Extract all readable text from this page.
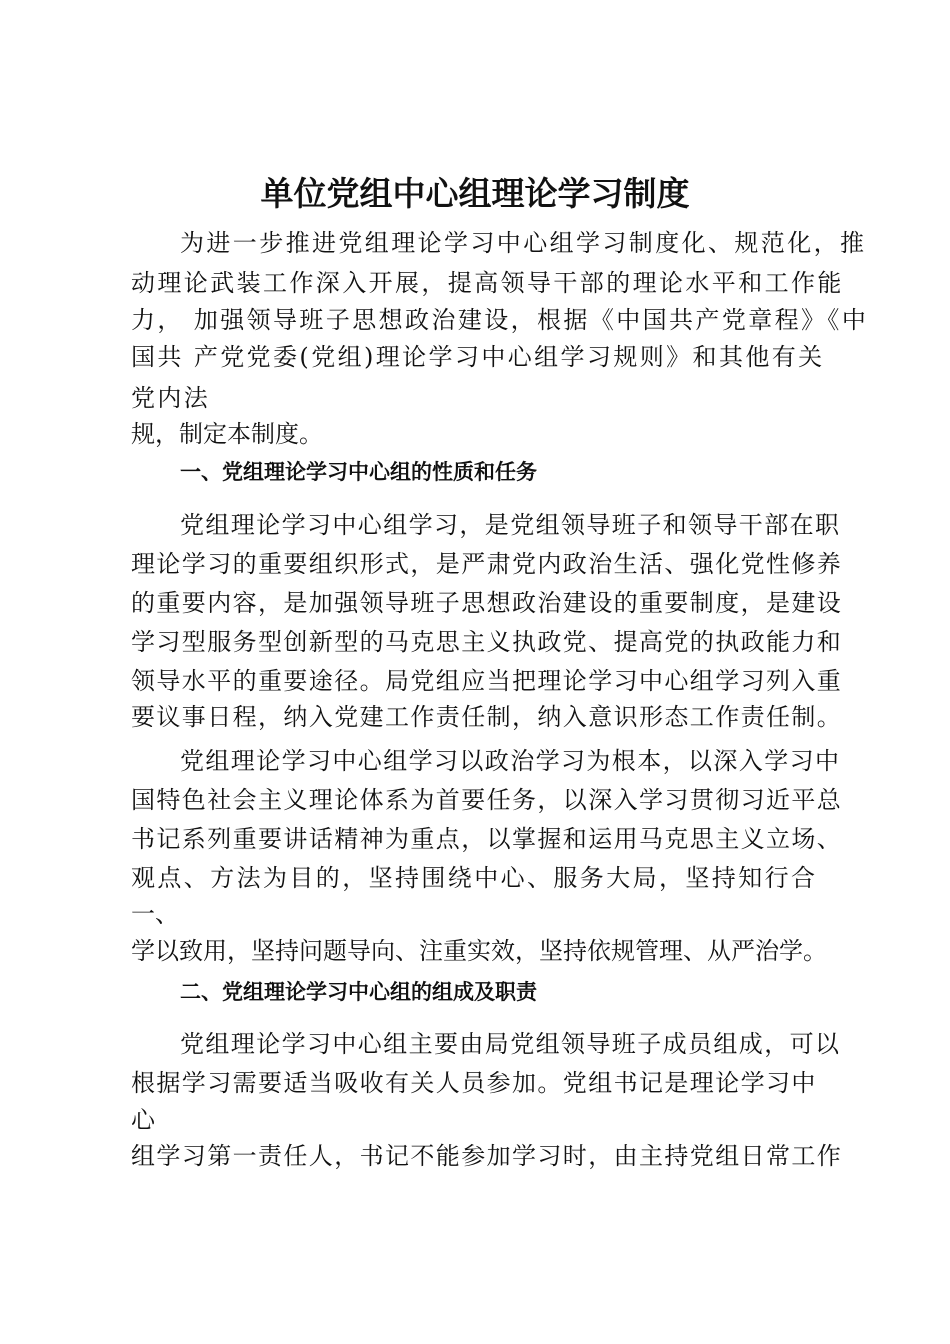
单位党组中心组理论学习制度
为进一步推进党组理论学习中心组学习制度化、规范化，推
动理论武装工作深入开展，提高领导干部的理论水平和工作能
力， 加强领导班子思想政治建设，根据《中国共产党章程》《中
国共 产党党委(党组)理论学习中心组学习规则》和其他有关
党内法
规，制定本制度。
一、党组理论学习中心组的性质和任务
党组理论学习中心组学习，是党组领导班子和领导干部在职
理论学习的重要组织形式，是严肃党内政治生活、强化党性修养
的重要内容，是加强领导班子思想政治建设的重要制度，是建设
学习型服务型创新型的马克思主义执政党、提高党的执政能力和
领导水平的重要途径。局党组应当把理论学习中心组学习列入重
要议事日程，纳入党建工作责任制，纳入意识形态工作责任制。
党组理论学习中心组学习以政治学习为根本，以深入学习中
国特色社会主义理论体系为首要任务，以深入学习贯彻习近平总
书记系列重要讲话精神为重点，以掌握和运用马克思主义立场、
观点、方法为目的，坚持围绕中心、服务大局，坚持知行合
一、
学以致用，坚持问题导向、注重实效，坚持依规管理、从严治学。
二、党组理论学习中心组的组成及职责
党组理论学习中心组主要由局党组领导班子成员组成，可以
根据学习需要适当吸收有关人员参加。党组书记是理论学习中
心
组学习第一责任人，书记不能参加学习时，由主持党组日常工作
